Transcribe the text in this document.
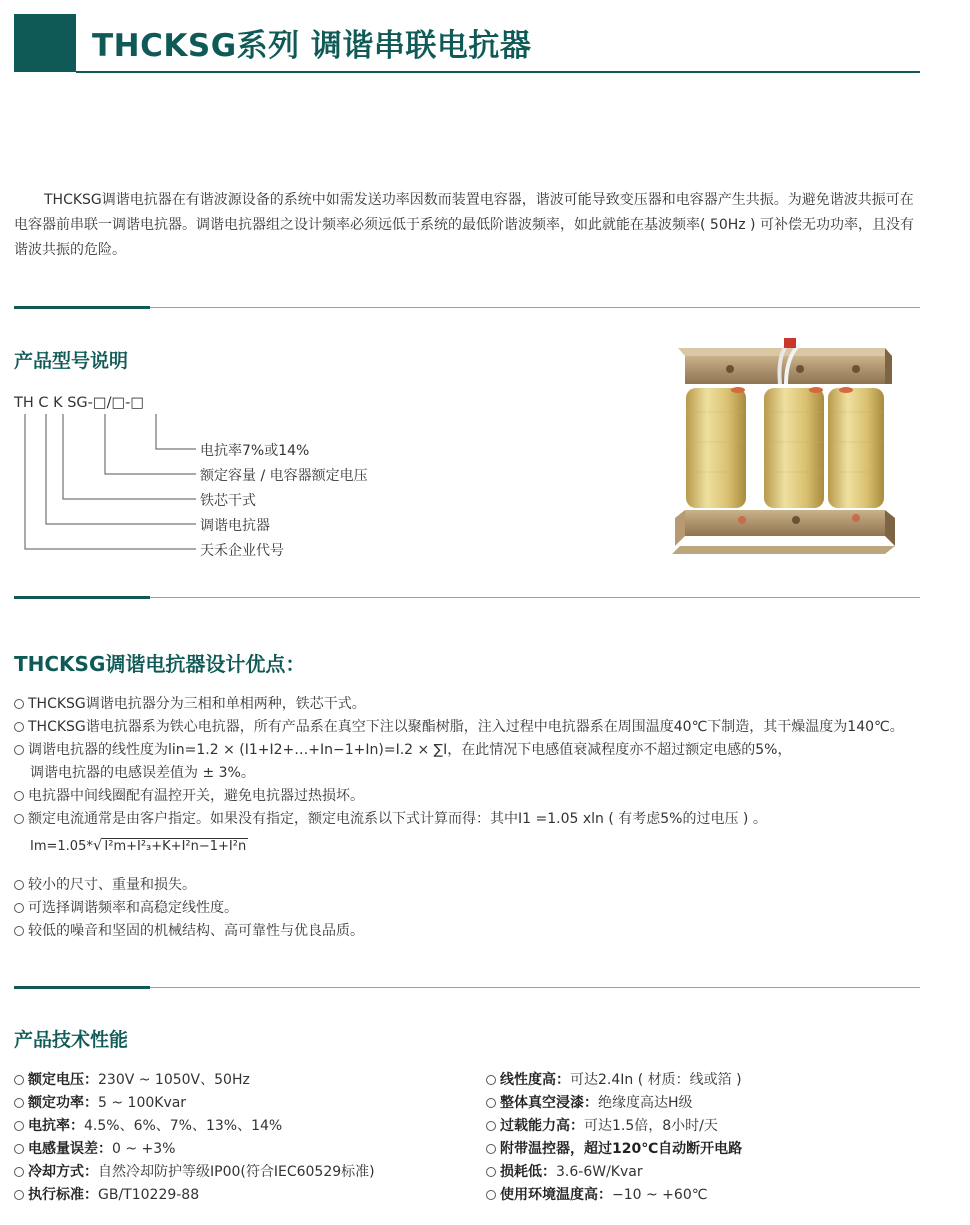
THCKSG系列 调谐串联电抗器
THCKSG调谐电抗器在有谐波源设备的系统中如需发送功率因数而装置电容器，谐波可能导致变压器和电容器产生共振。为避免谐波共振可在电容器前串联一调谐电抗器。调谐电抗器组之设计频率必须远低于系统的最低阶谐波频率，如此就能在基波频率( 50Hz ) 可补偿无功功率，且没有谐波共振的危险。
产品型号说明
TH C K SG-□/□-□
电抗率7%或14%
额定容量 / 电容器额定电压
铁芯干式
调谐电抗器
天禾企业代号
THCKSG调谐电抗器设计优点：
THCKSG调谐电抗器分为三相和单相两种，铁芯干式。
THCKSG谐电抗器系为铁心电抗器，所有产品系在真空下注以聚酯树脂，注入过程中电抗器系在周围温度40℃下制造，其干燥温度为140℃。
调谐电抗器的线性度为lin=1.2 × (I1+I2+…+In−1+In)=I.2 × ∑I，在此情况下电感值衰减程度亦不超过额定电感的5%，
调谐电抗器的电感误差值为 ± 3%。
电抗器中间线圈配有温控开关，避免电抗器过热损坏。
额定电流通常是由客户指定。如果没有指定，额定电流系以下式计算而得：其中I1 =1.05 xln ( 有考虑5%的过电压 ) 。
Im=1.05*√ I²m+I²₃+K+I²n−1+I²n
较小的尺寸、重量和损失。
可选择调谐频率和高稳定线性度。
较低的噪音和坚固的机械结构、高可靠性与优良品质。
产品技术性能
额定电压：230V ~ 1050V、50Hz
额定功率：5 ~ 100Kvar
电抗率：4.5%、6%、7%、13%、14%
电感量误差：0 ~ +3%
冷却方式：自然冷却防护等级IP00(符合IEC60529标准)
执行标准：GB/T10229-88
线性度高：可达2.4In ( 材质：线或箔 )
整体真空浸漆：绝缘度高达H级
过载能力高：可达1.5倍，8小时/天
附带温控器，超过120℃自动断开电路
损耗低：3.6-6W/Kvar
使用环境温度高：−10 ~ +60℃
